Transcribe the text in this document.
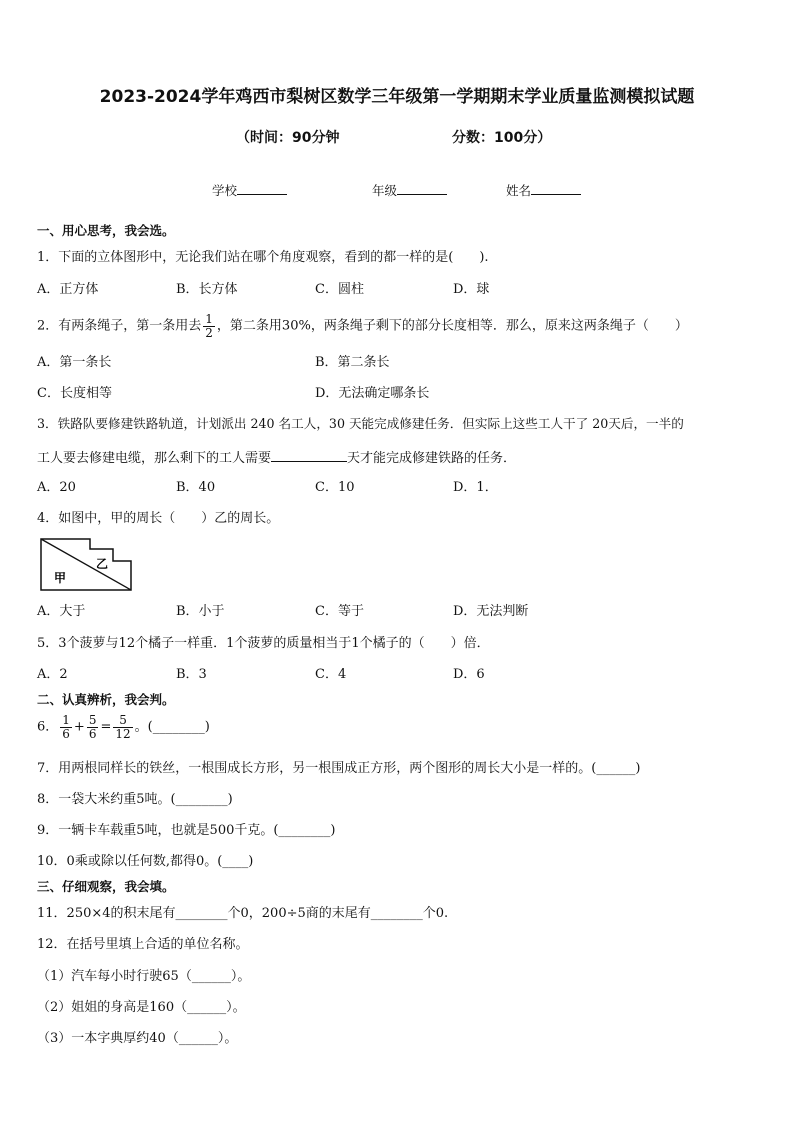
2023-2024学年鸡西市梨树区数学三年级第一学期期末学业质量监测模拟试题
（时间：90分钟	分数：100分）
学校	年级	姓名
一、用心思考，我会选。
1．下面的立体图形中，无论我们站在哪个角度观察，看到的都一样的是(　　).
A．正方体	B．长方体	C．圆柱	D．球
2．有两条绳子，第一条用去 $\frac{1}{2}$ ，第二条用30%，两条绳子剩下的部分长度相等．那么，原来这两条绳子（　　）
A．第一条长	B．第二条长
C．长度相等	D．无法确定哪条长
3．铁路队要修建铁路轨道，计划派出 240 名工人，30 天能完成修建任务．但实际上这些工人干了 20天后，一半的
工人要去修建电缆，那么剩下的工人需要	天才能完成修建铁路的任务．
A．20	B．40	C．10	D．1．
4．如图中，甲的周长（　　）乙的周长。
甲
乙
A．大于	B．小于	C．等于	D．无法判断
5．3个菠萝与12个橘子一样重．1个菠萝的质量相当于1个橘子的（　　）倍．
A．2	B．3	C．4	D．6
二、认真辨析，我会判。
6． $\frac{1}{6} + \frac{5}{6} = \frac{5}{12}$ 。(________)
7．用两根同样长的铁丝，一根围成长方形，另一根围成正方形，两个图形的周长大小是一样的。(______)
8．一袋大米约重5吨。(________)
9．一辆卡车载重5吨，也就是500千克。(________)
10．0乘或除以任何数,都得0。(____)
三、仔细观察，我会填。
11．250×4的积末尾有________个0，200÷5商的末尾有________个0.
12．在括号里填上合适的单位名称。
（1）汽车每小时行驶65（______）。
（2）姐姐的身高是160（______）。
（3）一本字典厚约40（______）。
